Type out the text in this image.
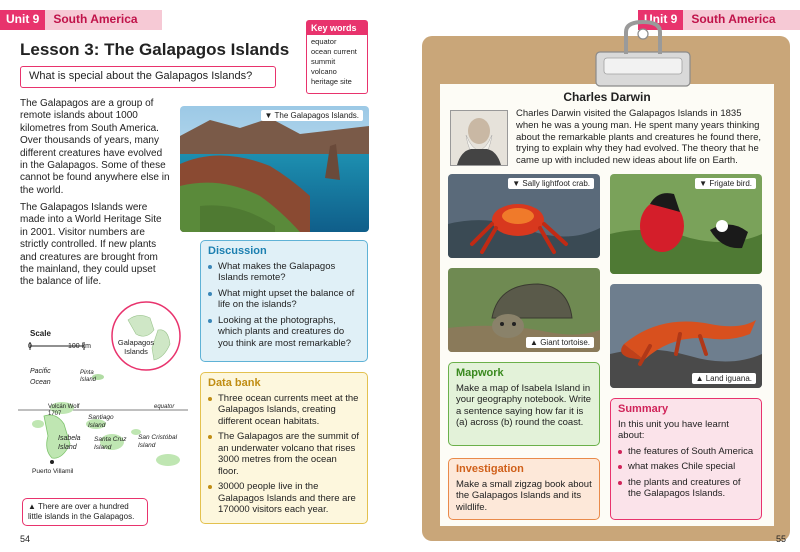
Unit 9	South America
Lesson 3: The Galapagos Islands
What is special about the Galapagos Islands?
Key words
equator
ocean current
summit
volcano
heritage site
The Galapagos are a group of remote islands about 1000 kilometres from South America. Over thousands of years, many different creatures have evolved in the Galapagos. Some of these cannot be found anywhere else in the world.
The Galapagos Islands were made into a World Heritage Site in 2001. Visitor numbers are strictly controlled. If new plants and creatures are brought from the mainland, they could upset the balance of life.
▼ The Galapagos Islands.
Scale
0	100 km	Galapagos Islands
Pacific Ocean
Pinta Island
equator
Volcán Wolf 1707	Santiago Island
Isabela Island
Santa Cruz Island
San Cristóbal Island
Puerto Villamil
▲ There are over a hundred little islands in the Galapagos.
Discussion
What makes the Galapagos Islands remote?
What might upset the balance of life on the islands?
Looking at the photographs, which plants and creatures do you think are most remarkable?
Data bank
Three ocean currents meet at the Galapagos Islands, creating different ocean habitats.
The Galapagos are the summit of an underwater volcano that rises 3000 metres from the ocean floor.
30000 people live in the Galapagos Islands and there are 170000 visitors each year.
54
Unit 9	South America
Charles Darwin
Charles Darwin visited the Galapagos Islands in 1835 when he was a young man. He spent many years thinking about the remarkable plants and creatures he found there, trying to explain why they had evolved. The theory that he came up with included new ideas about life on Earth.
▼ Sally lightfoot crab.	▼ Frigate bird.
▲ Giant tortoise.
▲ Land iguana.
Mapwork
Make a map of Isabela Island in your geography notebook. Write a sentence saying how far it is (a) across (b) round the coast.
Investigation
Make a small zigzag book about the Galapagos Islands and its wildlife.
Summary
In this unit you have learnt about:
the features of South America
what makes Chile special
the plants and creatures of the Galapagos Islands.
55
